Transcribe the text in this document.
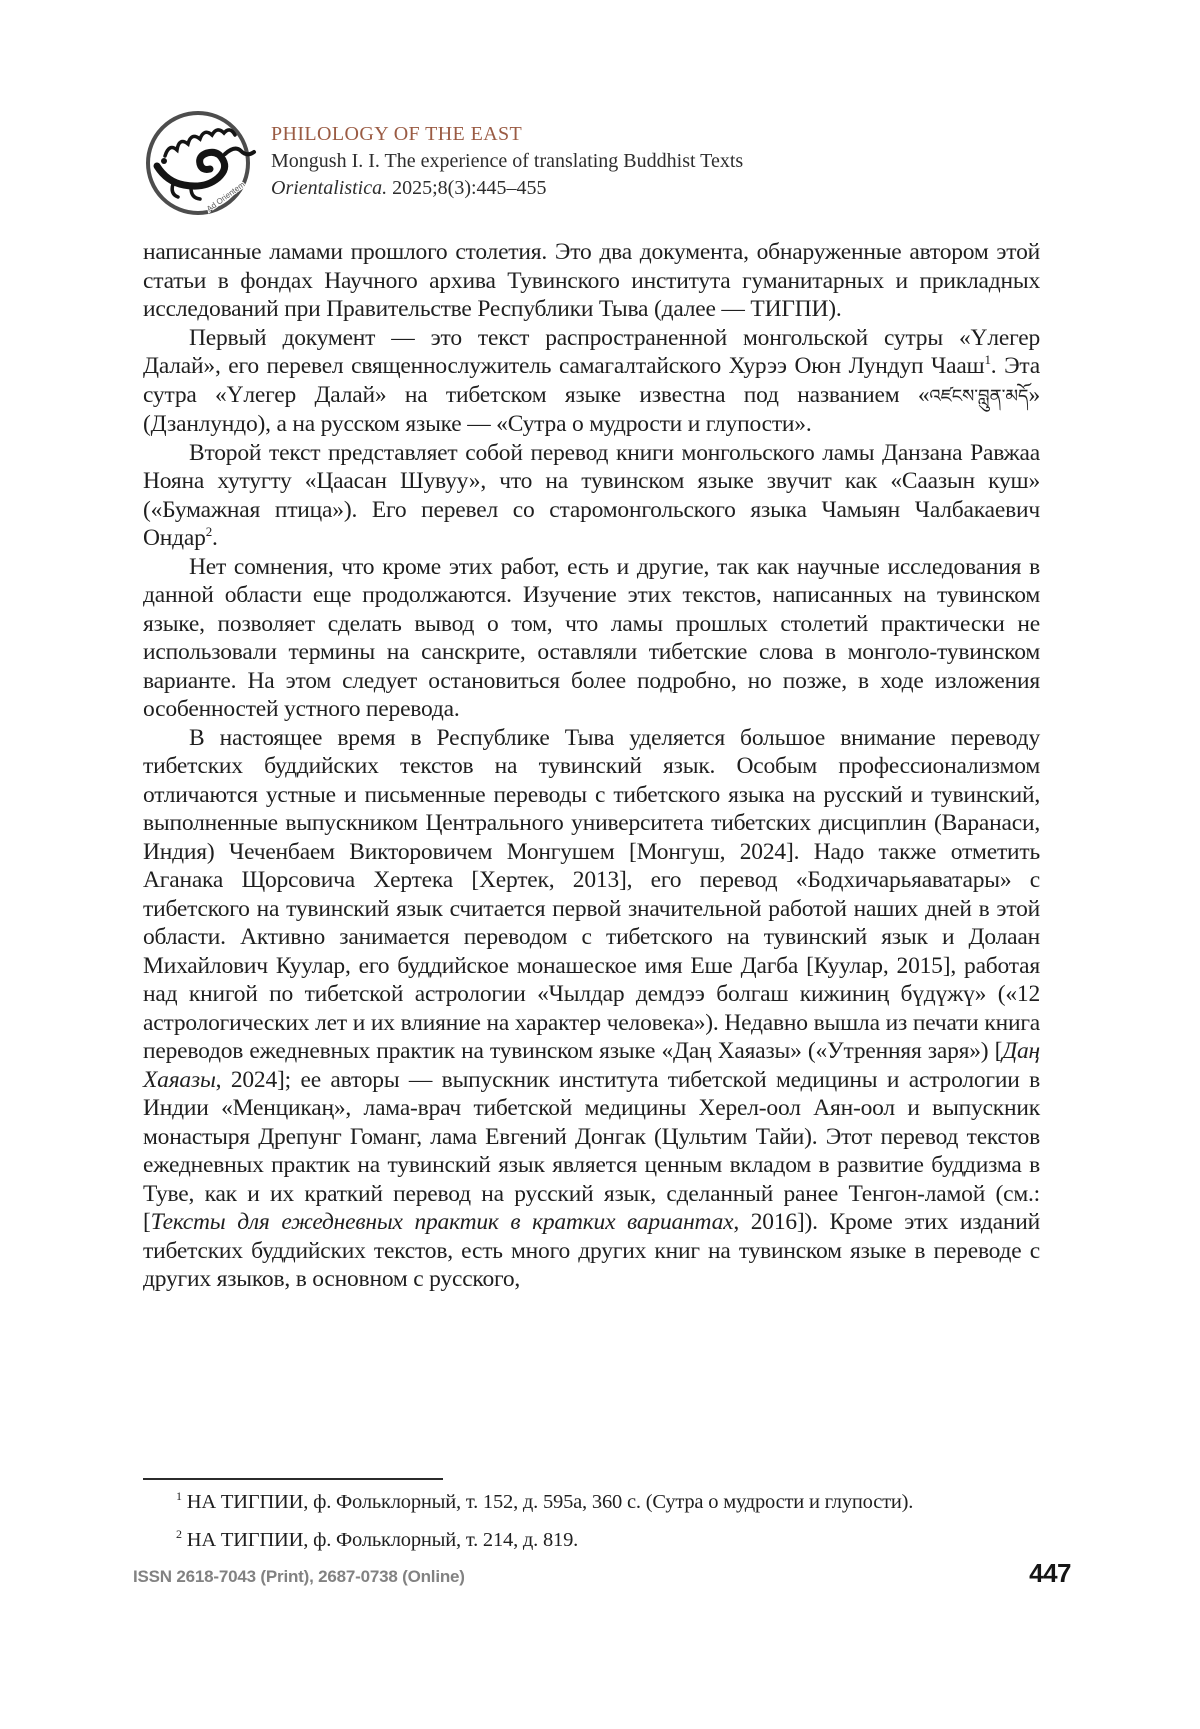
Ad Orientem
PHILOLOGY OF THE EAST
Mongush I. I. The experience of translating Buddhist Texts
Orientalistica. 2025;8(3):445–455

написанные ламами прошлого столетия. Это два документа, обнаруженные автором этой статьи в фондах Научного архива Тувинского института гуманитарных и прикладных исследований при Правительстве Республики Тыва (далее — ТИГПИ).

Первый документ — это текст распространенной монгольской сутры «Үлегер Далай», его перевел священнослужитель самагалтайского Хурээ Оюн Лундуп Чааш$^1$. Эта сутра «Үлегер Далай» на тибетском языке известна под названием «འཛངས་བླུན་མདོ» (Дзанлундо), а на русском языке — «Сутра о мудрости и глупости».

Второй текст представляет собой перевод книги монгольского ламы Данзана Равжаа Нояна хутугту «Цаасан Шувуу», что на тувинском языке звучит как «Саазын куш» («Бумажная птица»). Его перевел со старомонгольского языка Чамыян Чалбакаевич Ондар$^2$.

Нет сомнения, что кроме этих работ, есть и другие, так как научные исследования в данной области еще продолжаются. Изучение этих текстов, написанных на тувинском языке, позволяет сделать вывод о том, что ламы прошлых столетий практически не использовали термины на санскрите, оставляли тибетские слова в монголо-тувинском варианте. На этом следует остановиться более подробно, но позже, в ходе изложения особенностей устного перевода.

В настоящее время в Республике Тыва уделяется большое внимание переводу тибетских буддийских текстов на тувинский язык. Особым профессионализмом отличаются устные и письменные переводы с тибетского языка на русский и тувинский, выполненные выпускником Центрального университета тибетских дисциплин (Варанаси, Индия) Чеченбаем Викторовичем Монгушем [Монгуш, 2024]. Надо также отметить Аганака Щорсовича Хертека [Хертек, 2013], его перевод «Бодхичарьяаватары» с тибетского на тувинский язык считается первой значительной работой наших дней в этой области. Активно занимается переводом с тибетского на тувинский язык и Долаан Михайлович Куулар, его буддийское монашеское имя Еше Дагба [Куулар, 2015], работая над книгой по тибетской астрологии «Чылдар демдээ болгаш кижиниң бүдүжү» («12 астрологических лет и их влияние на характер человека»). Недавно вышла из печати книга переводов ежедневных практик на тувинском языке «Даң Хаяазы» («Утренняя заря») [Даң Хаяазы, 2024]; ее авторы — выпускник института тибетской медицины и астрологии в Индии «Менцикаң», лама-врач тибетской медицины Херел-оол Аян-оол и выпускник монастыря Дрепунг Гоманг, лама Евгений Донгак (Цультим Тайи). Этот перевод текстов ежедневных практик на тувинский язык является ценным вкладом в развитие буддизма в Туве, как и их краткий перевод на русский язык, сделанный ранее Тенгон-ламой (см.: [Тексты для ежедневных практик в кратких вариантах, 2016]). Кроме этих изданий тибетских буддийских текстов, есть много других книг на тувинском языке в переводе с других языков, в основном с русского,

$^1$ НА ТИГПИИ, ф. Фольклорный, т. 152, д. 595а, 360 с. (Сутра о мудрости и глупости).

$^2$ НА ТИГПИИ, ф. Фольклорный, т. 214, д. 819.

ISSN 2618-7043 (Print), 2687-0738 (Online)	447
